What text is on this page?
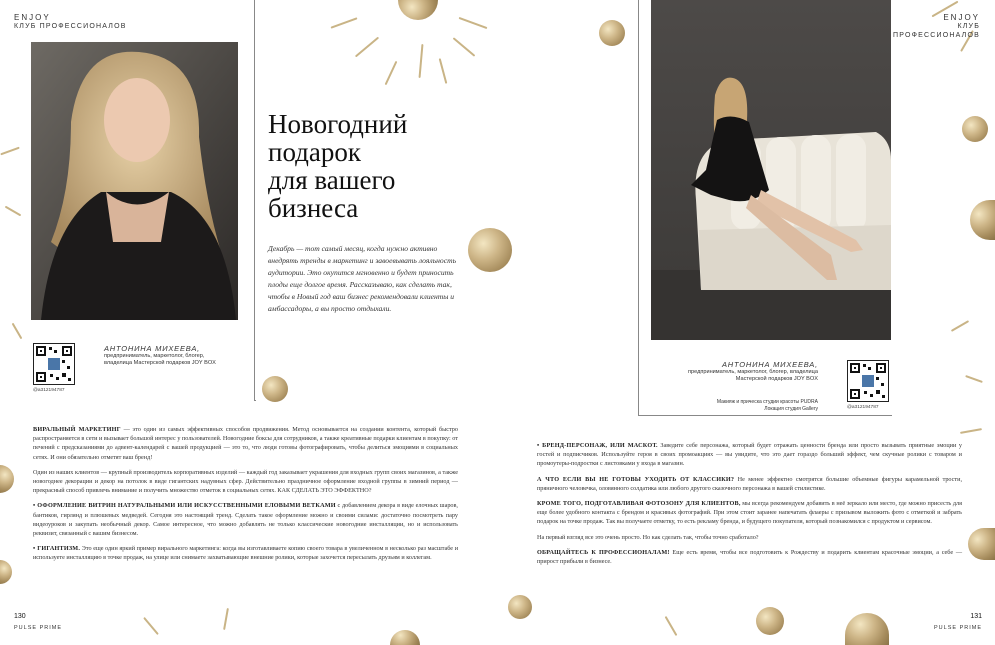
ENJOY
КЛУБ ПРОФЕССИОНАЛОВ
Новогодний
подарок
для вашего
бизнеса
Декабрь — тот самый месяц, когда нужно активно внедрять тренды в маркетинг и завоевывать лояльность аудитории. Это окупится мгновенно и будет приносить плоды еще долгое время. Рассказываю, как сделать так, чтобы в Новый год ваш бизнес рекомендовали клиенты и амбассадоры, а вы просто отдыхали.
@a312194787
АНТОНИНА МИХЕЕВА,
предприниматель, маркетолог, блогер,
владелица Мастерской подарков JOY BOX

ВИРАЛЬНЫЙ МАРКЕТИНГ — это один из самых эффективных способов продвижения. Метод основывается на создании контента, который быстро распространяется в сети и вызывает большой интерес у пользователей. Новогодние боксы для сотрудников, а также креативные подарки клиентам в покупку: от печений с предсказаниями до адвент-календарей с вашей продукцией — это то, что люди готовы фотографировать, чтобы делиться эмоциями в социальных сетях. И они обязательно отметят ваш бренд!

Один из наших клиентов — крупный производитель корпоративных изделий — каждый год заказывает украшения для входных групп своих магазинов, а также новогоднее декорации и декор на потолок в виде гигантских надувных сфер. Действительно праздничное оформление входной группы в зимний период — прекрасный способ привлечь внимание и получить множество отметок в социальных сетях. КАК СДЕЛАТЬ ЭТО ЭФФЕКТНО?

• ОФОРМЛЕНИЕ ВИТРИН НАТУРАЛЬНЫМИ ИЛИ ИСКУССТВЕННЫМИ ЕЛОВЫМИ ВЕТКАМИ с добавлением декора в виде елочных шаров, бантиков, гирлянд и плюшевых медведей. Сегодня это настоящий тренд. Сделать такое оформление можно и своими силами: достаточно посмотреть пару видеоуроков и закупать необычный декор. Самое интересное, что можно добавлять не только классические новогодние инсталляции, но и использовать реквизит, связанный с вашим бизнесом.

• ГИГАНТИЗМ. Это еще один яркий пример вирального маркетинга: когда вы изготавливаете копию своего товара в увеличенном в несколько раз масштабе и используете инсталляцию в точке продаж, на улице или снимаете захватывающие внешние ролики, которые захочется пересылать друзьям и коллегам.

130
PULSE PRIME
ENJOY
КЛУБ ПРОФЕССИОНАЛОВ
АНТОНИНА МИХЕЕВА,
предприниматель, маркетолог, блогер, владелица
Мастерской подарков JOY BOX
Макияж и прическа студии красоты PUDRA
Локация студия Gallery	@a312194787

• БРЕНД-ПЕРСОНАЖ, ИЛИ МАСКОТ. Заведите себе персонажа, который будет отражать ценности бренда или просто вызывать приятные эмоции у гостей и подписчиков. Используйте героя в своих промоакциях — вы увидите, что это дает гораздо больший эффект, чем скучные ролики с товаром и промоутеры-подростки с листовками у входа в магазин.

А ЧТО ЕСЛИ ВЫ НЕ ГОТОВЫ УХОДИТЬ ОТ КЛАССИКИ? Не менее эффектно смотрятся большие объемные фигуры карамельной трости, пряничного человечка, оловянного солдатика или любого другого сказочного персонажа в вашей стилистике.

КРОМЕ ТОГО, ПОДГОТАВЛИВАЯ ФОТОЗОНУ ДЛЯ КЛИЕНТОВ, мы всегда рекомендуем добавить в неё зеркало или место, где можно присесть для еще более удобного контакта с брендом и красивых фотографий. При этом стоит заранее напечатать флаеры с призывом выложить фото с отметкой и забрать подарок на точке продаж. Так вы получаете отметку, то есть рекламу бренда, и будущего покупателя, который познакомился с продуктом и сервисом.

На первый взгляд все это очень просто. Но как сделать так, чтобы точно сработало?

ОБРАЩАЙТЕСЬ К ПРОФЕССИОНАЛАМ! Еще есть время, чтобы все подготовить к Рождеству и подарить клиентам красочные эмоции, а себе — прирост прибыли в бизнесе.

131
PULSE PRIME
